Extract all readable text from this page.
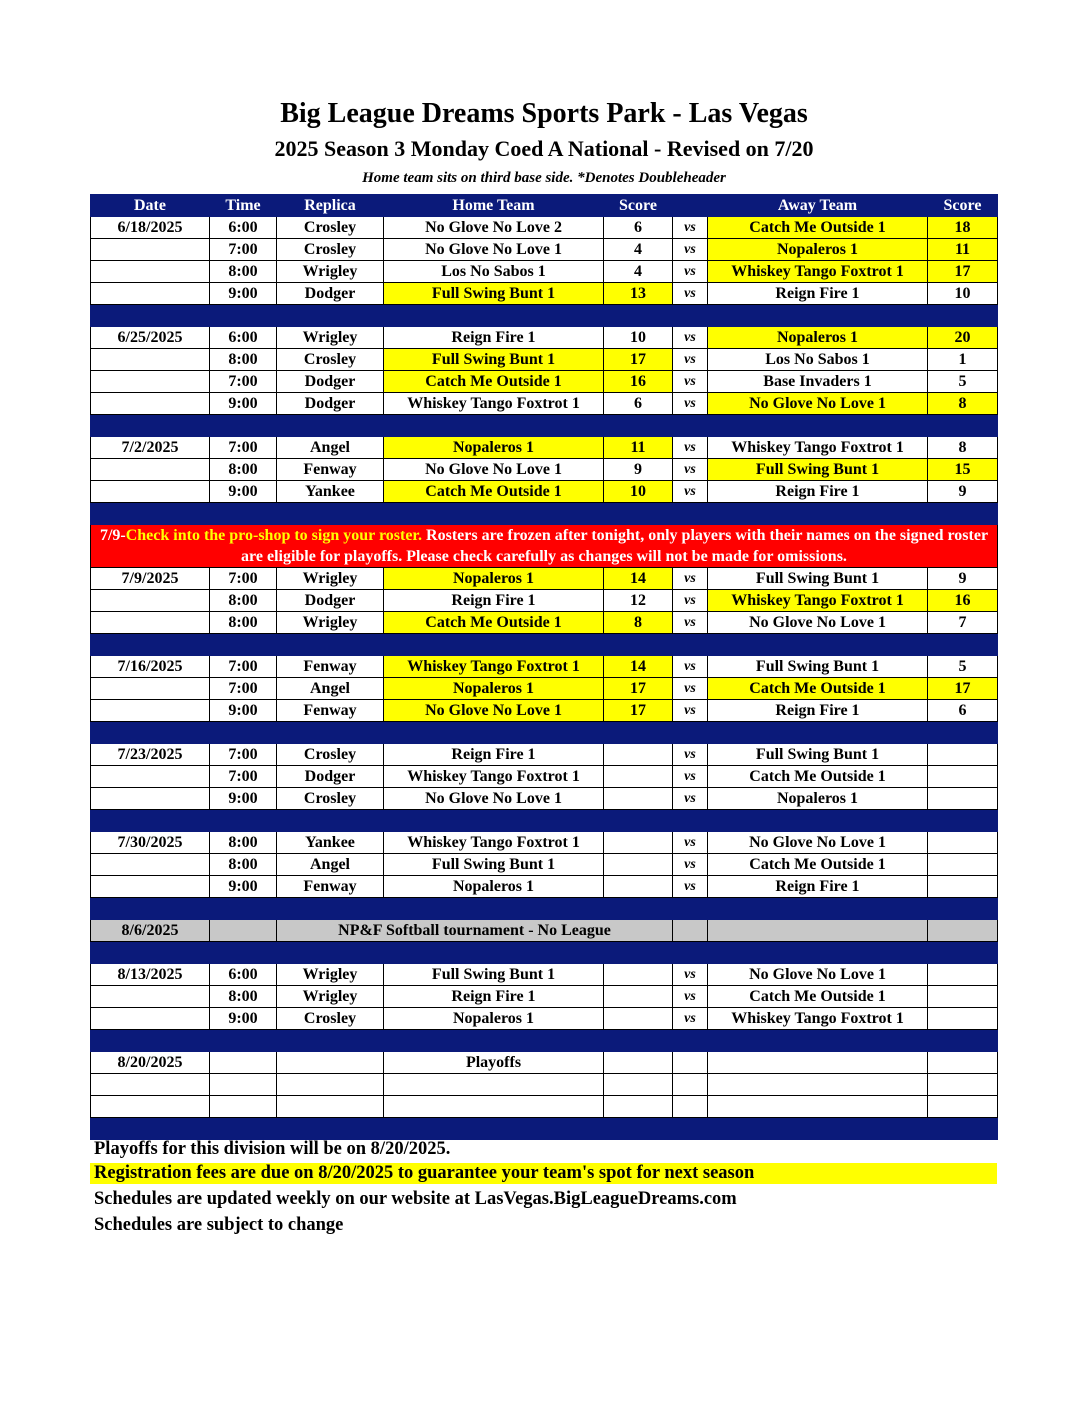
Big League Dreams Sports Park - Las Vegas
2025 Season 3 Monday Coed A National - Revised on 7/20
Home team sits on third base side. *Denotes Doubleheader
Date	Time	Replica	Home Team	Score		Away Team	Score
6/18/2025	6:00	Crosley	No Glove No Love 2	6	vs	Catch Me Outside 1	18
	7:00	Crosley	No Glove No Love 1	4	vs	Nopaleros 1	11
	8:00	Wrigley	Los No Sabos 1	4	vs	Whiskey Tango Foxtrot 1	17
	9:00	Dodger	Full Swing Bunt 1	13	vs	Reign Fire 1	10

6/25/2025	6:00	Wrigley	Reign Fire 1	10	vs	Nopaleros 1	20
	8:00	Crosley	Full Swing Bunt 1	17	vs	Los No Sabos 1	1
	7:00	Dodger	Catch Me Outside 1	16	vs	Base Invaders 1	5
	9:00	Dodger	Whiskey Tango Foxtrot 1	6	vs	No Glove No Love 1	8

7/2/2025	7:00	Angel	Nopaleros 1	11	vs	Whiskey Tango Foxtrot 1	8
	8:00	Fenway	No Glove No Love 1	9	vs	Full Swing Bunt 1	15
	9:00	Yankee	Catch Me Outside 1	10	vs	Reign Fire 1	9

7/9-Check into the pro-shop to sign your roster. Rosters are frozen after tonight, only players with their names on the signed roster are eligible for playoffs. Please check carefully as changes will not be made for omissions.							
7/9/2025	7:00	Wrigley	Nopaleros 1	14	vs	Full Swing Bunt 1	9
	8:00	Dodger	Reign Fire 1	12	vs	Whiskey Tango Foxtrot 1	16
	8:00	Wrigley	Catch Me Outside 1	8	vs	No Glove No Love 1	7

7/16/2025	7:00	Fenway	Whiskey Tango Foxtrot 1	14	vs	Full Swing Bunt 1	5
	7:00	Angel	Nopaleros 1	17	vs	Catch Me Outside 1	17
	9:00	Fenway	No Glove No Love 1	17	vs	Reign Fire 1	6

7/23/2025	7:00	Crosley	Reign Fire 1		vs	Full Swing Bunt 1	
	7:00	Dodger	Whiskey Tango Foxtrot 1		vs	Catch Me Outside 1	
	9:00	Crosley	No Glove No Love 1		vs	Nopaleros 1	

7/30/2025	8:00	Yankee	Whiskey Tango Foxtrot 1		vs	No Glove No Love 1	
	8:00	Angel	Full Swing Bunt 1		vs	Catch Me Outside 1	
	9:00	Fenway	Nopaleros 1		vs	Reign Fire 1	

8/6/2025		NP&F Softball tournament - No League					

8/13/2025	6:00	Wrigley	Full Swing Bunt 1		vs	No Glove No Love 1	
	8:00	Wrigley	Reign Fire 1		vs	Catch Me Outside 1	
	9:00	Crosley	Nopaleros 1		vs	Whiskey Tango Foxtrot 1	

8/20/2025			Playoffs				

Playoffs for this division will be on 8/20/2025.
Registration fees are due on 8/20/2025 to guarantee your team's spot for next season
Schedules are updated weekly on our website at LasVegas.BigLeagueDreams.com
Schedules are subject to change
